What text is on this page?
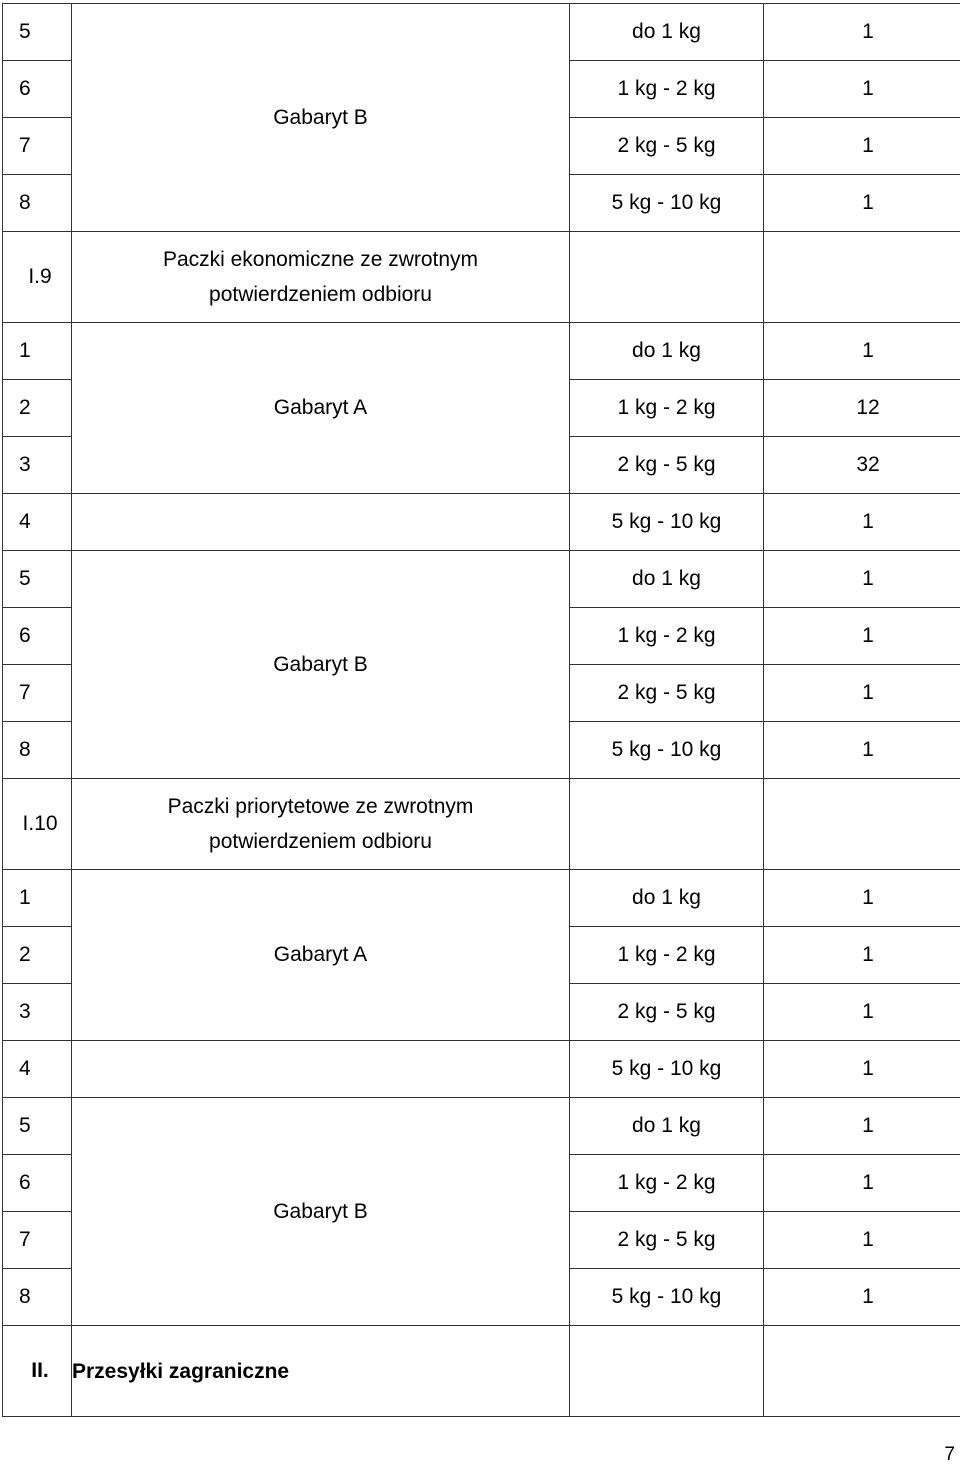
5	Gabaryt B	do 1 kg	1
6		1 kg - 2 kg	1
7		2 kg - 5 kg	1
8		5 kg - 10 kg	1
I.9	Paczki ekonomiczne ze zwrotnym
potwierdzeniem odbioru		
1	Gabaryt A	do 1 kg	1
2		1 kg - 2 kg	12
3		2 kg - 5 kg	32
4		5 kg - 10 kg	1
5	Gabaryt B	do 1 kg	1
6		1 kg - 2 kg	1
7		2 kg - 5 kg	1
8		5 kg - 10 kg	1
I.10	Paczki priorytetowe ze zwrotnym
potwierdzeniem odbioru		
1	Gabaryt A	do 1 kg	1
2		1 kg - 2 kg	1
3		2 kg - 5 kg	1
4		5 kg - 10 kg	1
5	Gabaryt B	do 1 kg	1
6		1 kg - 2 kg	1
7		2 kg - 5 kg	1
8		5 kg - 10 kg	1
II.	Przesyłki zagraniczne		
7
